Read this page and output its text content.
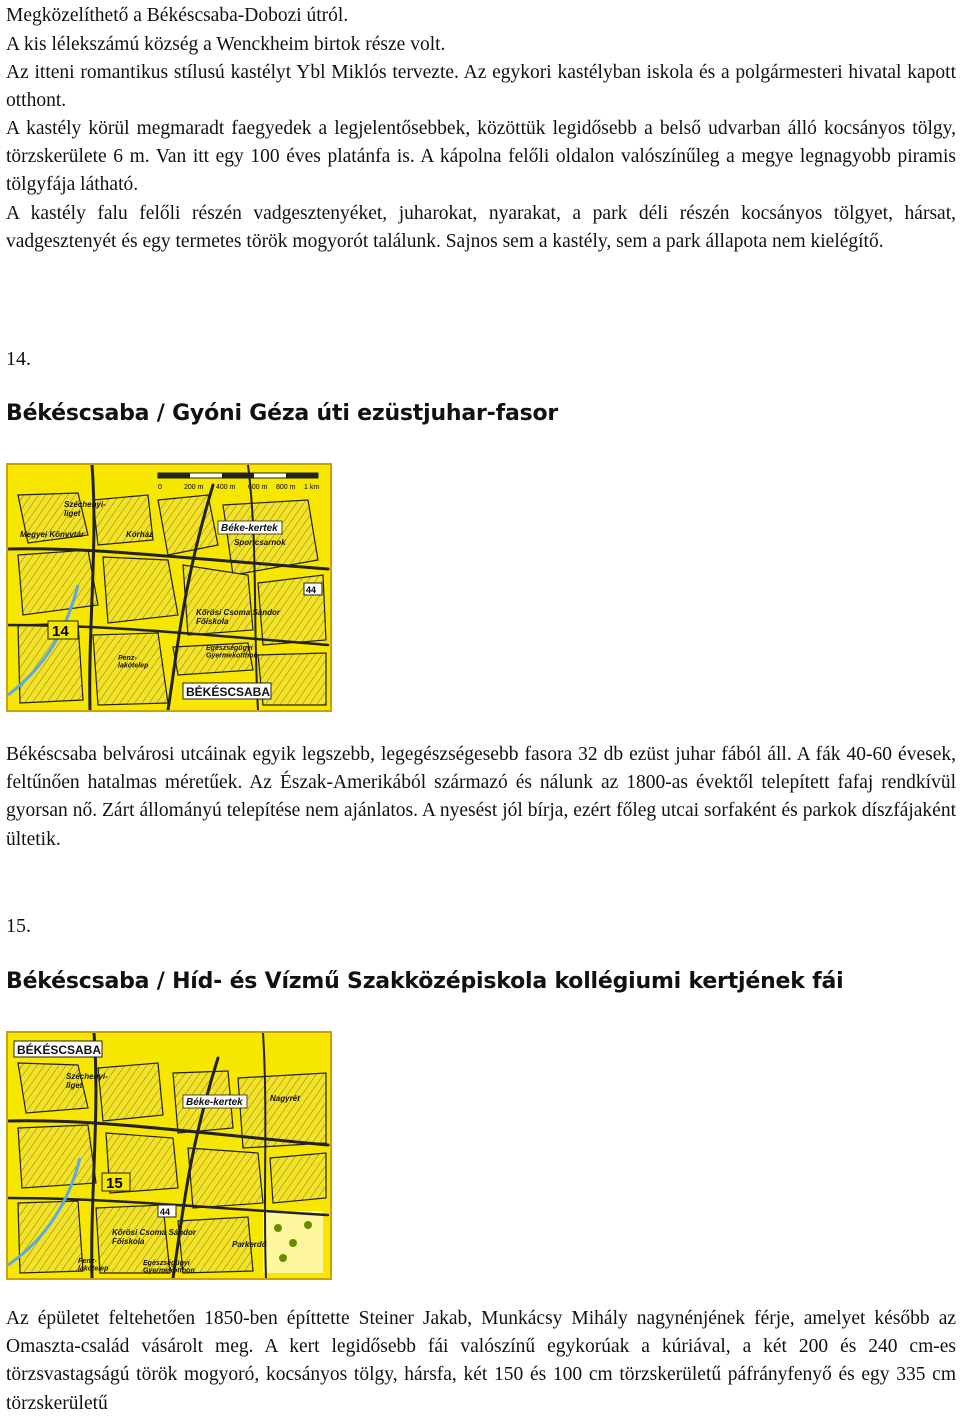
Megközelíthető a Békéscsaba-Dobozi útról.

A kis lélekszámú község a Wenckheim birtok része volt.

Az itteni romantikus stílusú kastélyt Ybl Miklós tervezte. Az egykori kastélyban iskola és a polgármesteri hivatal kapott otthont.

A kastély körül megmaradt faegyedek a legjelentősebbek, közöttük legidősebb a belső udvarban álló kocsányos tölgy, törzskerülete 6 m. Van itt egy 100 éves platánfa is. A kápolna felőli oldalon valószínűleg a megye legnagyobb piramis tölgyfája látható.

A kastély falu felőli részén vadgesztenyéket, juharokat, nyarakat, a park déli részén kocsányos tölgyet, hársat, vadgesztenyét és egy termetes török mogyorót találunk. Sajnos sem a kastély, sem a park állapota nem kielégítő.

14.
Békéscsaba / Gyóni Géza úti ezüstjuhar-fasor
0	200 m 400 m 600 m 800 m 1 km
44
14
Széchenyi-liget
Megyei Könyvtár	Kórház
Béke-kertek
Sportcsarnok
Kőrösi Csoma Sándor Főiskola
Penz-lakótelep
Egészségügyi Gyermekotthon
BÉKÉSCSABA

Békéscsaba belvárosi utcáinak egyik legszebb, legegészségesebb fasora 32 db ezüst juhar fából áll. A fák 40-60 évesek, feltűnően hatalmas méretűek. Az Észak-Amerikából származó és nálunk az 1800-as évektől telepített fafaj rendkívül gyorsan nő. Zárt állományú telepítése nem ajánlatos. A nyesést jól bírja, ezért főleg utcai sorfaként és parkok díszfájaként ültetik.

15.
Békéscsaba / Híd- és Vízmű Szakközépiskola kollégiumi kertjének fái
BÉKÉSCSABA
Széchenyi-liget
Béke-kertek	Nagyrét
15
44
Kőrösi Csoma Sándor Főiskola	Parkerdő
Penz-lakótelep
Egészségügyi Gyermekotthon

Az épületet feltehetően 1850-ben építtette Steiner Jakab, Munkácsy Mihály nagynénjének férje, amelyet később az Omaszta-család vásárolt meg. A kert legidősebb fái valószínű egykorúak a kúriával, a két 200 és 240 cm-es törzsvastagságú török mogyoró, kocsányos tölgy, hársfa, két 150 és 100 cm törzskerületű páfrányfenyő és egy 335 cm törzskerületű
